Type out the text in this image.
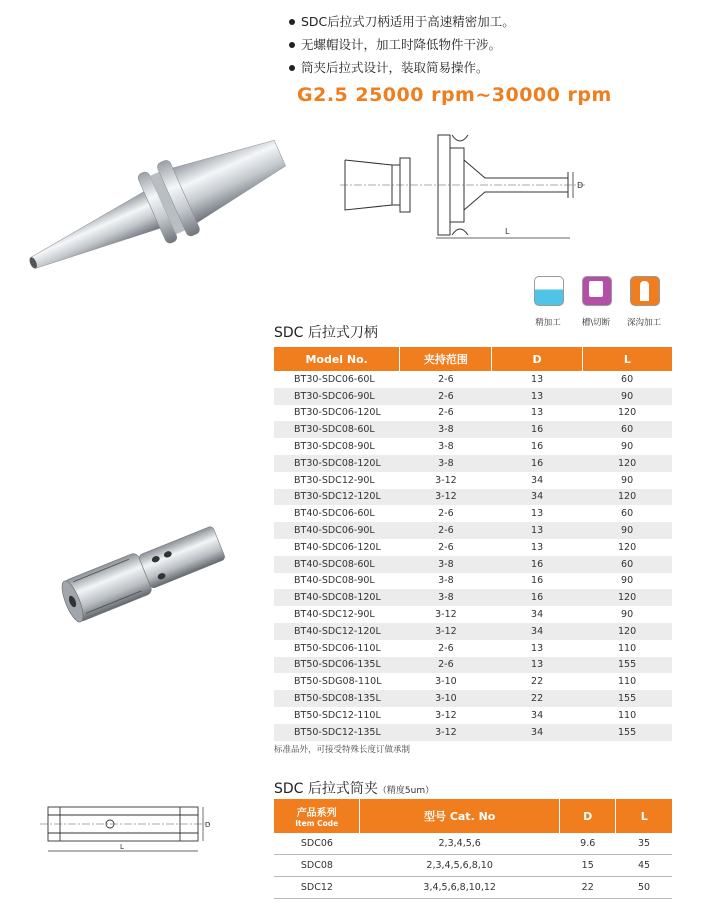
SDC后拉式刀柄适用于高速精密加工。
无螺帽设计，加工时降低物件干涉。
筒夹后拉式设计，装取简易操作。
G2.5 25000 rpm~30000 rpm
D
L
精加工	槽\切断	深沟加工
SDC 后拉式刀柄
Model No.	夹持范围	D	L
BT30-SDC06-60L	2-6	13	60
BT30-SDC06-90L	2-6	13	90
BT30-SDC06-120L	2-6	13	120
BT30-SDC08-60L	3-8	16	60
BT30-SDC08-90L	3-8	16	90
BT30-SDC08-120L	3-8	16	120
BT30-SDC12-90L	3-12	34	90
BT30-SDC12-120L	3-12	34	120
BT40-SDC06-60L	2-6	13	60
BT40-SDC06-90L	2-6	13	90
BT40-SDC06-120L	2-6	13	120
BT40-SDC08-60L	3-8	16	60
BT40-SDC08-90L	3-8	16	90
BT40-SDC08-120L	3-8	16	120
BT40-SDC12-90L	3-12	34	90
BT40-SDC12-120L	3-12	34	120
BT50-SDC06-110L	2-6	13	110
BT50-SDC06-135L	2-6	13	155
BT50-SDG08-110L	3-10	22	110
BT50-SDC08-135L	3-10	22	155
BT50-SDC12-110L	3-12	34	110
BT50-SDC12-135L	3-12	34	155
标准品外，可接受特殊长度订做承制
D
L
SDC 后拉式筒夹（精度5um）
产品系列
Item Code	型号 Cat. No	D	L
SDC06	2,3,4,5,6	9.6	35
SDC08	2,3,4,5,6,8,10	15	45
SDC12	3,4,5,6,8,10,12	22	50
